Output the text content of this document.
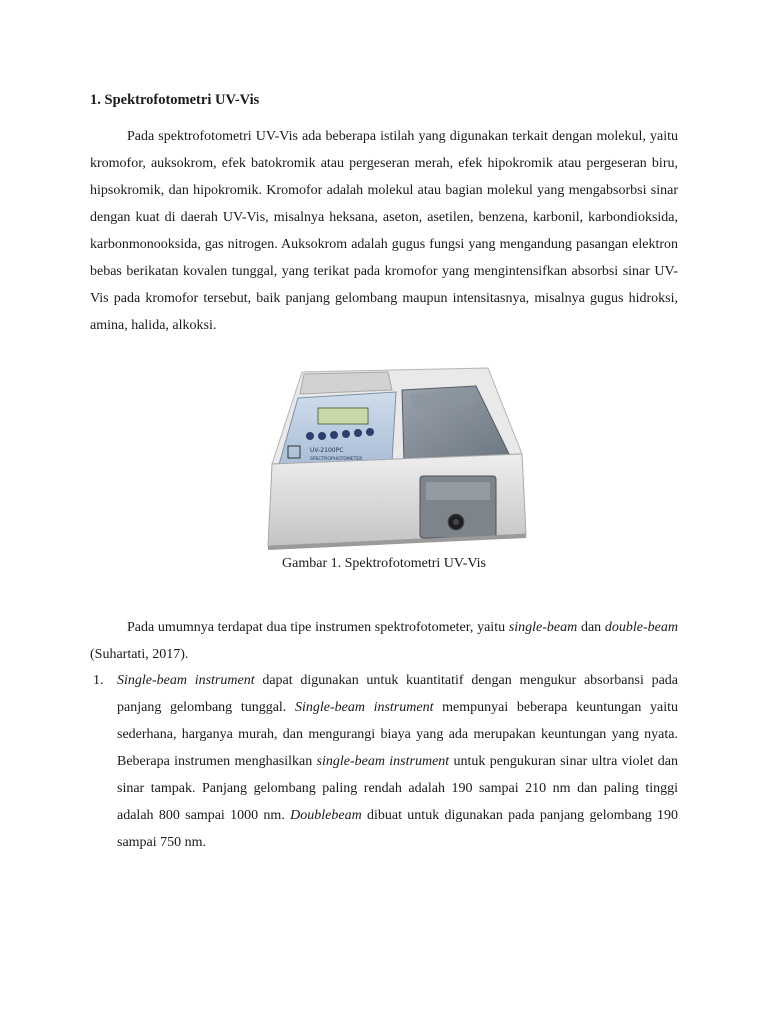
1. Spektrofotometri UV-Vis

Pada spektrofotometri UV-Vis ada beberapa istilah yang digunakan terkait dengan molekul, yaitu kromofor, auksokrom, efek batokromik atau pergeseran merah, efek hipokromik atau pergeseran biru, hipsokromik, dan hipokromik. Kromofor adalah molekul atau bagian molekul yang mengabsorbsi sinar dengan kuat di daerah UV-Vis, misalnya heksana, aseton, asetilen, benzena, karbonil, karbondioksida, karbonmonooksida, gas nitrogen. Auksokrom adalah gugus fungsi yang mengandung pasangan elektron bebas berikatan kovalen tunggal, yang terikat pada kromofor yang mengintensifkan absorbsi sinar UV-Vis pada kromofor tersebut, baik panjang gelombang maupun intensitasnya, misalnya gugus hidroksi, amina, halida, alkoksi.

UV-2100PC
SPECTROPHOTOMETER
Gambar 1. Spektrofotometri UV-Vis

Pada umumnya terdapat dua tipe instrumen spektrofotometer, yaitu single-beam dan double-beam (Suhartati, 2017).

1. Single-beam instrument dapat digunakan untuk kuantitatif dengan mengukur absorbansi pada panjang gelombang tunggal. Single-beam instrument mempunyai beberapa keuntungan yaitu sederhana, harganya murah, dan mengurangi biaya yang ada merupakan keuntungan yang nyata. Beberapa instrumen menghasilkan single-beam instrument untuk pengukuran sinar ultra violet dan sinar tampak. Panjang gelombang paling rendah adalah 190 sampai 210 nm dan paling tinggi adalah 800 sampai 1000 nm. Doublebeam dibuat untuk digunakan pada panjang gelombang 190 sampai 750 nm.
